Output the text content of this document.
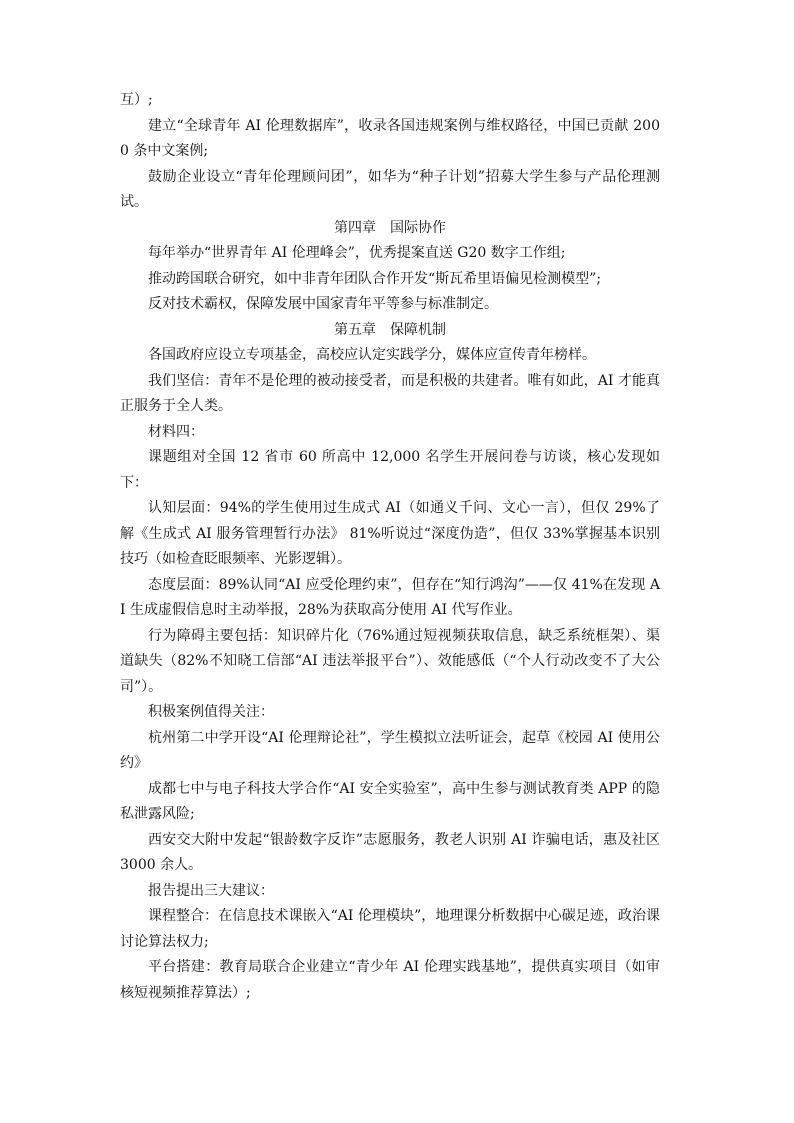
互）;

建立“全球青年 AI 伦理数据库”，收录各国违规案例与维权路径，中国已贡献 2000 条中文案例;

鼓励企业设立“青年伦理顾问团”，如华为“种子计划”招募大学生参与产品伦理测试。

第四章　国际协作

每年举办“世界青年 AI 伦理峰会”，优秀提案直送 G20 数字工作组;

推动跨国联合研究，如中非青年团队合作开发“斯瓦希里语偏见检测模型”;

反对技术霸权，保障发展中国家青年平等参与标准制定。

第五章　保障机制

各国政府应设立专项基金，高校应认定实践学分，媒体应宣传青年榜样。

我们坚信：青年不是伦理的被动接受者，而是积极的共建者。唯有如此，AI 才能真正服务于全人类。

材料四：

课题组对全国 12 省市 60 所高中 12,000 名学生开展问卷与访谈，核心发现如下：

认知层面：94%的学生使用过生成式 AI（如通义千问、文心一言），但仅 29%了解《生成式 AI 服务管理暂行办法》 81%听说过“深度伪造”，但仅 33%掌握基本识别技巧（如检查眨眼频率、光影逻辑）。

态度层面：89%认同“AI 应受伦理约束”，但存在“知行鸿沟”——仅 41%在发现 AI 生成虚假信息时主动举报，28%为获取高分使用 AI 代写作业。

行为障碍主要包括：知识碎片化（76%通过短视频获取信息，缺乏系统框架）、渠道缺失（82%不知晓工信部“AI 违法举报平台”）、效能感低（“个人行动改变不了大公司”）。

积极案例值得关注：

杭州第二中学开设“AI 伦理辩论社”，学生模拟立法听证会，起草《校园 AI 使用公约》

成都七中与电子科技大学合作“AI 安全实验室”，高中生参与测试教育类 APP 的隐私泄露风险;

西安交大附中发起“银龄数字反诈”志愿服务，教老人识别 AI 诈骗电话，惠及社区 3000 余人。

报告提出三大建议：

课程整合：在信息技术课嵌入“AI 伦理模块”，地理课分析数据中心碳足迹，政治课讨论算法权力;

平台搭建：教育局联合企业建立“青少年 AI 伦理实践基地”，提供真实项目（如审核短视频推荐算法）;
